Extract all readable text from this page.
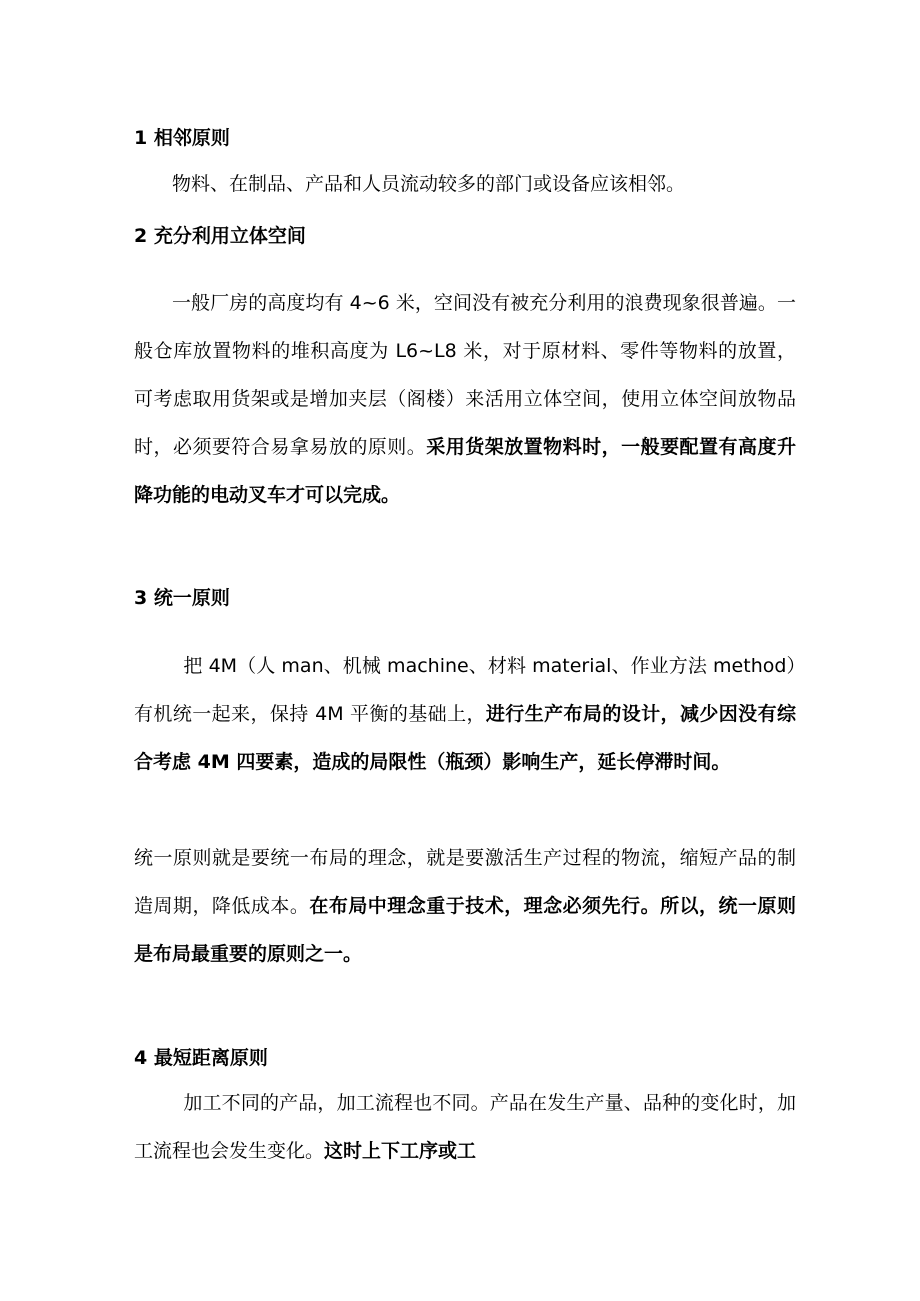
1 相邻原则

物料、在制品、产品和人员流动较多的部门或设备应该相邻。

2 充分利用立体空间

一般厂房的高度均有 4~6 米，空间没有被充分利用的浪费现象很普遍。一般仓库放置物料的堆积高度为 L6~L8 米，对于原材料、零件等物料的放置，可考虑取用货架或是增加夹层（阁楼）来活用立体空间，使用立体空间放物品时，必须要符合易拿易放的原则。采用货架放置物料时，一般要配置有高度升降功能的电动叉车才可以完成。

3 统一原则

把 4M（人 man、机械 machine、材料 material、作业方法 method）有机统一起来，保持 4M 平衡的基础上，进行生产布局的设计，减少因没有综合考虑 4M 四要素，造成的局限性（瓶颈）影响生产，延长停滞时间。

统一原则就是要统一布局的理念，就是要激活生产过程的物流，缩短产品的制造周期，降低成本。在布局中理念重于技术，理念必须先行。所以，统一原则是布局最重要的原则之一。

4 最短距离原则

加工不同的产品，加工流程也不同。产品在发生产量、品种的变化时，加工流程也会发生变化。这时上下工序或工
